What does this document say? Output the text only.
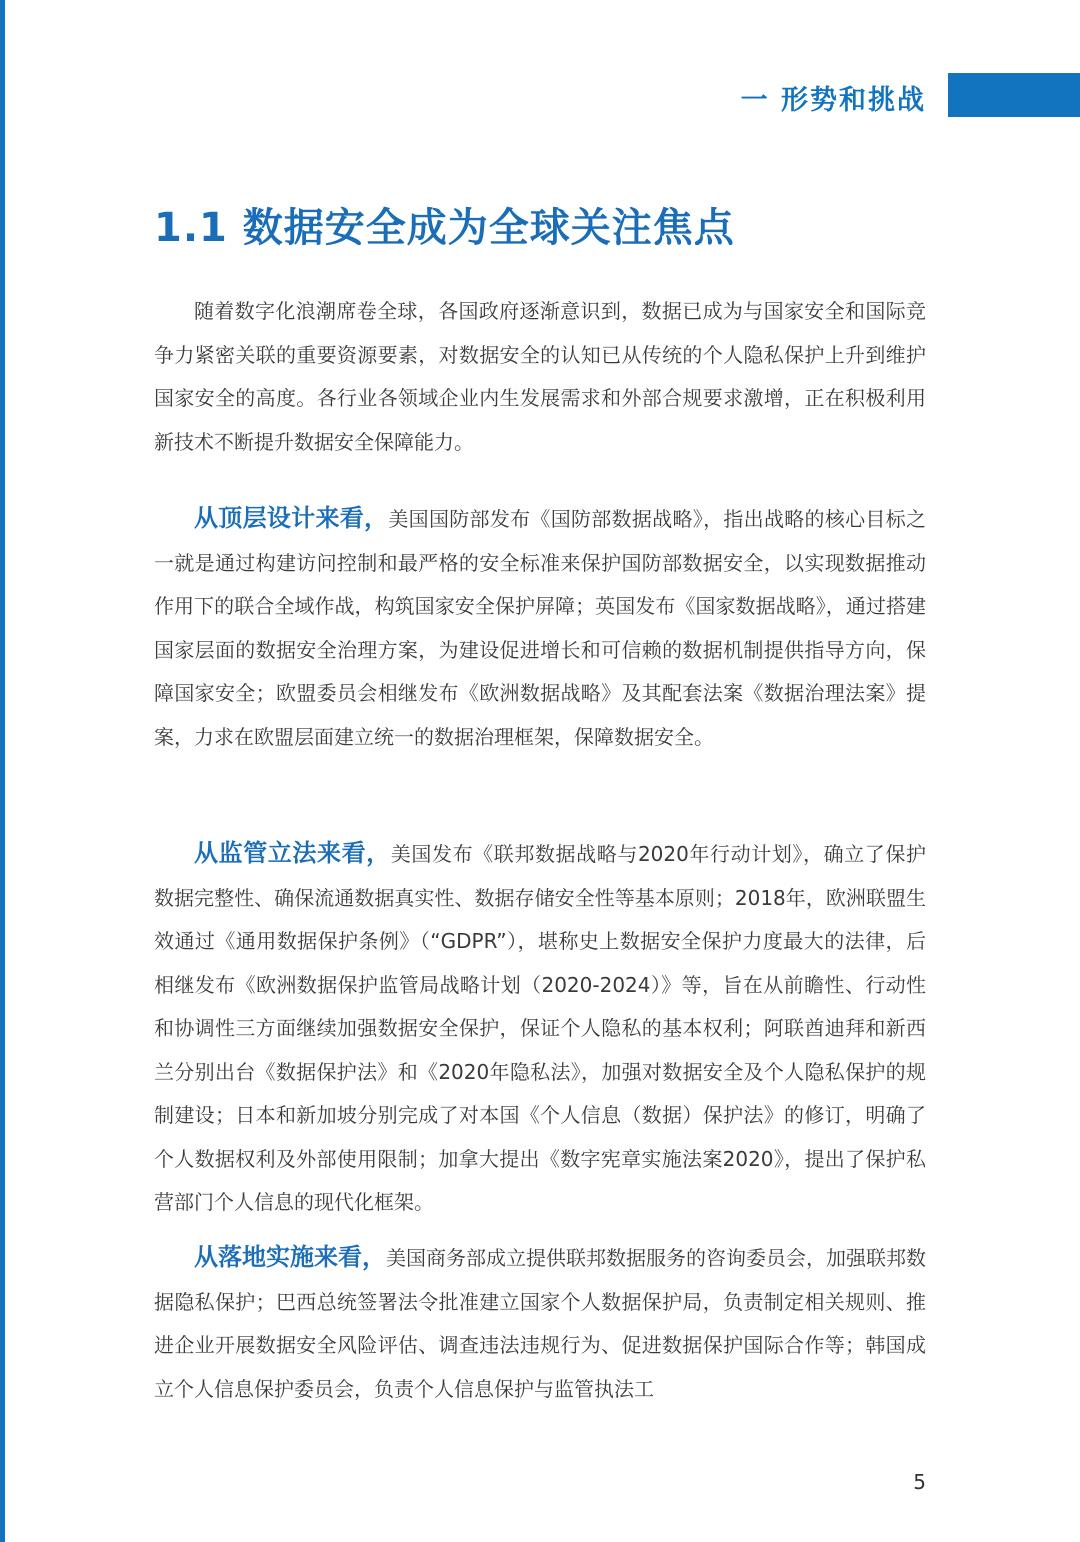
一 形势和挑战
1.1 数据安全成为全球关注焦点

随着数字化浪潮席卷全球，各国政府逐渐意识到，数据已成为与国家安全和国际竞争力紧密关联的重要资源要素，对数据安全的认知已从传统的个人隐私保护上升到维护国家安全的高度。各行业各领域企业内生发展需求和外部合规要求激增，正在积极利用新技术不断提升数据安全保障能力。

从顶层设计来看，美国国防部发布《国防部数据战略》，指出战略的核心目标之一就是通过构建访问控制和最严格的安全标准来保护国防部数据安全，以实现数据推动作用下的联合全域作战，构筑国家安全保护屏障；英国发布《国家数据战略》，通过搭建国家层面的数据安全治理方案，为建设促进增长和可信赖的数据机制提供指导方向，保障国家安全；欧盟委员会相继发布《欧洲数据战略》及其配套法案《数据治理法案》提案，力求在欧盟层面建立统一的数据治理框架，保障数据安全。

从监管立法来看，美国发布《联邦数据战略与2020年行动计划》，确立了保护数据完整性、确保流通数据真实性、数据存储安全性等基本原则；2018年，欧洲联盟生效通过《通用数据保护条例》（“GDPR”），堪称史上数据安全保护力度最大的法律，后相继发布《欧洲数据保护监管局战略计划（2020-2024）》等，旨在从前瞻性、行动性和协调性三方面继续加强数据安全保护，保证个人隐私的基本权利；阿联酋迪拜和新西兰分别出台《数据保护法》和《2020年隐私法》，加强对数据安全及个人隐私保护的规制建设；日本和新加坡分别完成了对本国《个人信息（数据）保护法》的修订，明确了个人数据权利及外部使用限制；加拿大提出《数字宪章实施法案2020》，提出了保护私营部门个人信息的现代化框架。

从落地实施来看，美国商务部成立提供联邦数据服务的咨询委员会，加强联邦数据隐私保护；巴西总统签署法令批准建立国家个人数据保护局，负责制定相关规则、推进企业开展数据安全风险评估、调查违法违规行为、促进数据保护国际合作等；韩国成立个人信息保护委员会，负责个人信息保护与监管执法工

5
